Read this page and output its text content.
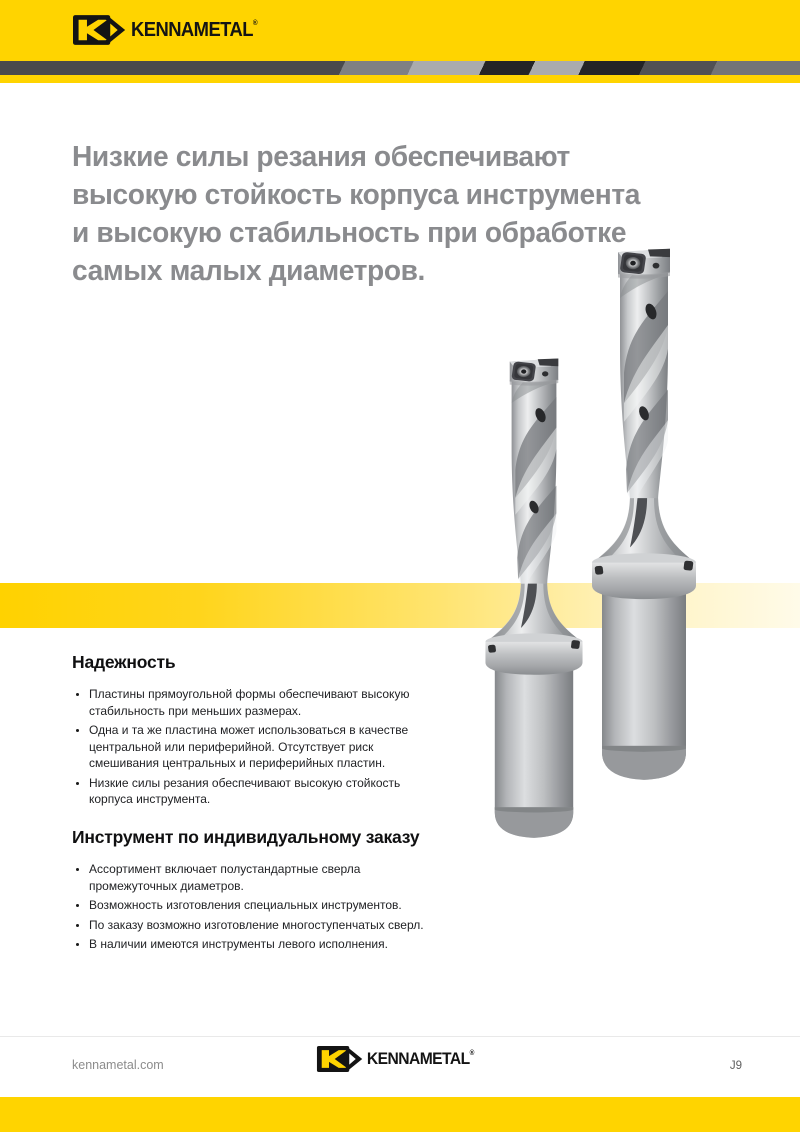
KENNAMETAL®
Низкие силы резания обеспечивают
высокую стойкость корпуса инструмента
и высокую стабильность при обработке
самых малых диаметров.
Надежность
• Пластины прямоугольной формы обеспечивают высокую стабильность при меньших размерах.
• Одна и та же пластина может использоваться в качестве центральной или периферийной. Отсутствует риск смешивания центральных и периферийных пластин.
• Низкие силы резания обеспечивают высокую стойкость корпуса инструмента.
Инструмент по индивидуальному заказу
• Ассортимент включает полустандартные сверла промежуточных диаметров.
• Возможность изготовления специальных инструментов.
• По заказу возможно изготовление многоступенчатых сверл.
• В наличии имеются инструменты левого исполнения.
kennametal.com	KENNAMETAL®
J9
